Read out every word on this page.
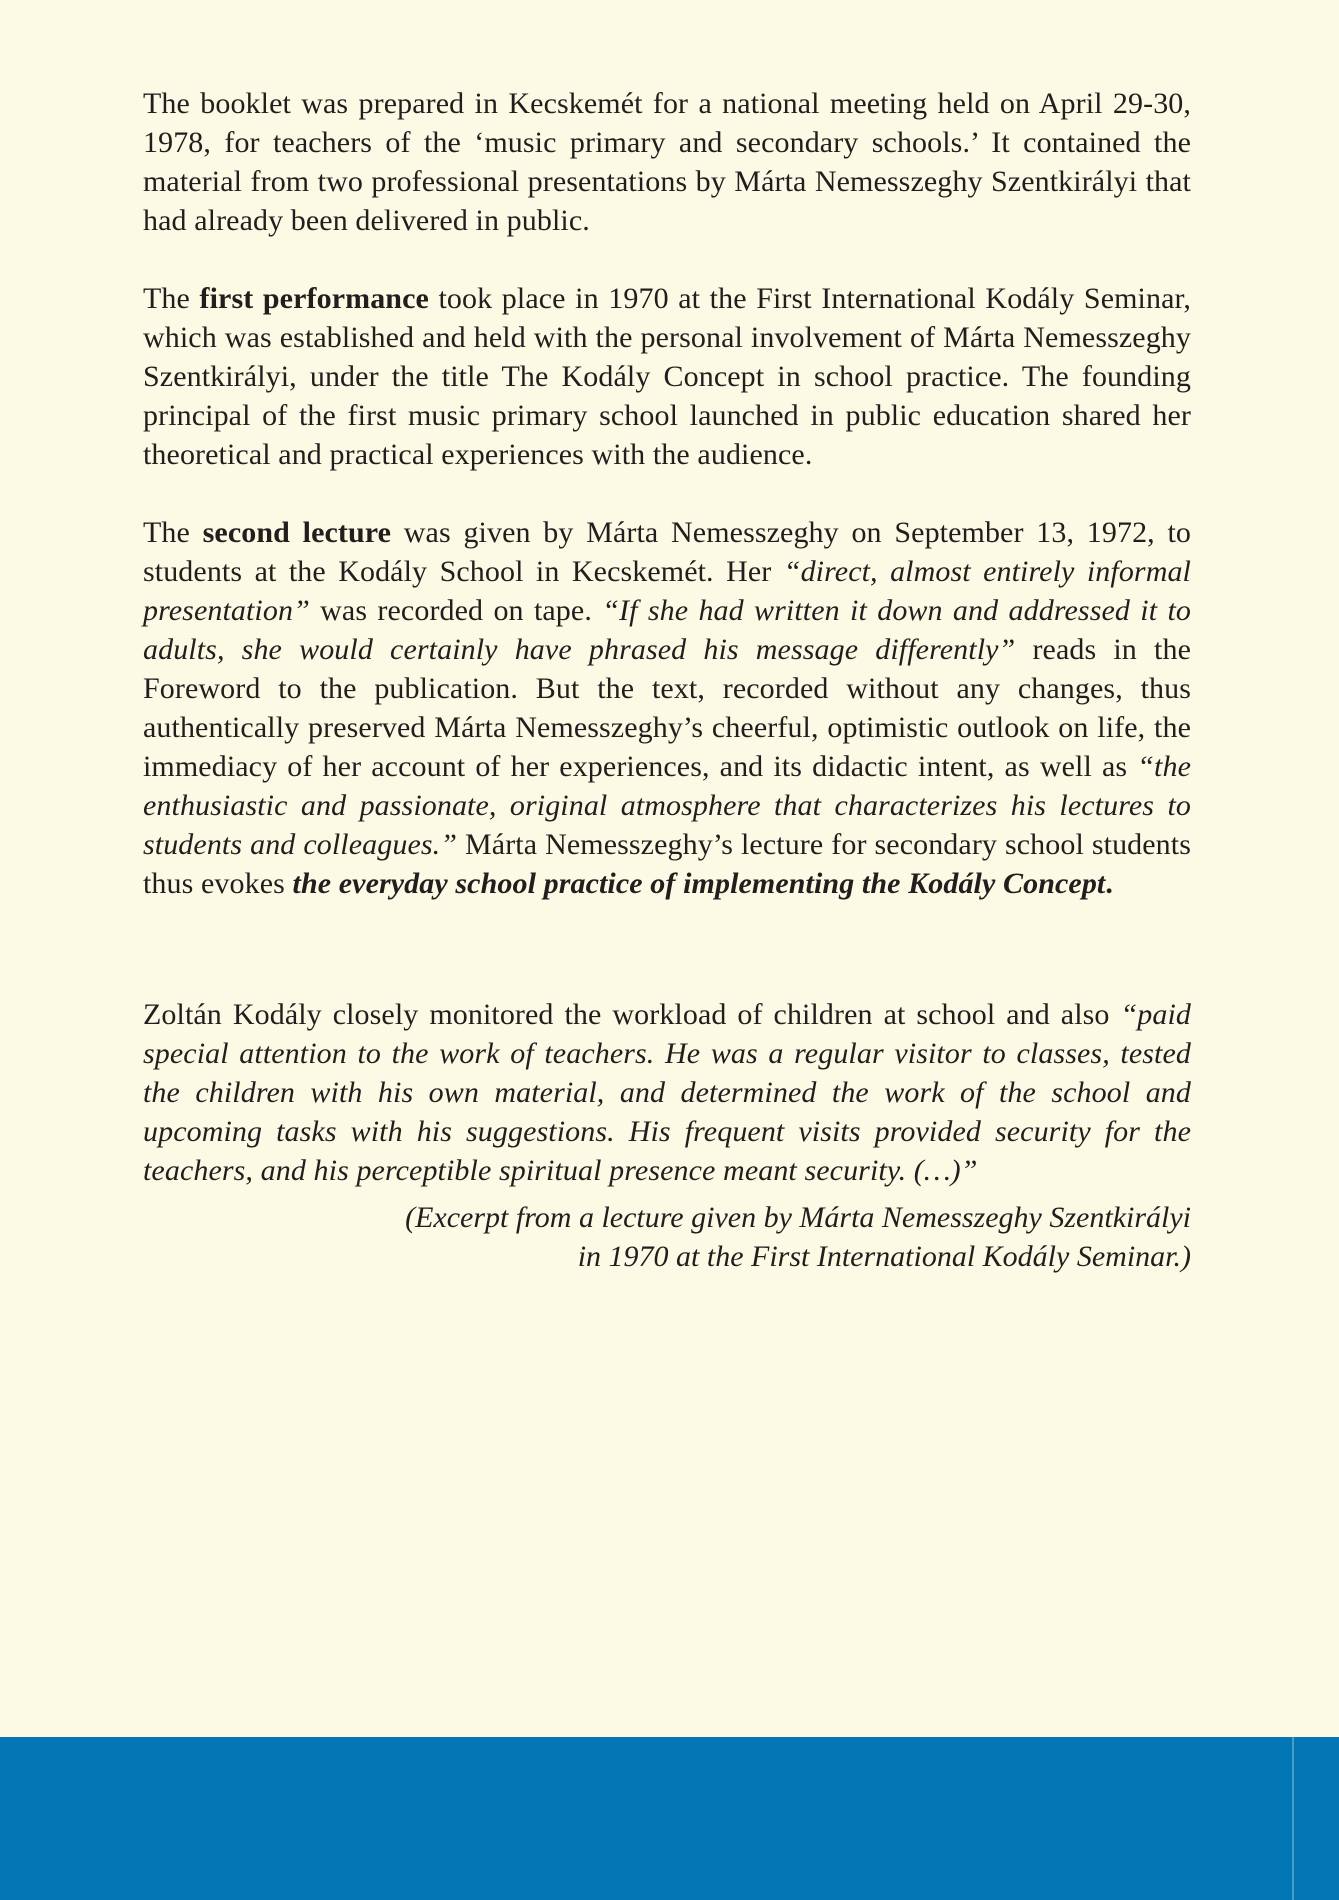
The booklet was prepared in Kecskemét for a national meeting held on April 29-30, 1978, for teachers of the ‘music primary and secondary schools.’ It contained the material from two professional presentations by Márta Nemesszeghy Szentkirályi that had already been delivered in public.

The first performance took place in 1970 at the First International Kodály Seminar, which was established and held with the personal involvement of Márta Nemesszeghy Szentkirályi, under the title The Kodály Concept in school practice. The founding principal of the first music primary school launched in public education shared her theoretical and practical experiences with the audience.

The second lecture was given by Márta Nemesszeghy on September 13, 1972, to students at the Kodály School in Kecskemét. Her “direct, almost entirely informal presentation” was recorded on tape. “If she had written it down and addressed it to adults, she would certainly have phrased his message differently” reads in the Foreword to the publication. But the text, recorded without any changes, thus authentically preserved Márta Nemesszeghy’s cheerful, optimistic outlook on life, the immediacy of her account of her experiences, and its didactic intent, as well as “the enthusiastic and passionate, original atmosphere that characterizes his lectures to students and colleagues.” Márta Nemesszeghy’s lecture for secondary school students thus evokes the everyday school practice of implementing the Kodály Concept.

Zoltán Kodály closely monitored the workload of children at school and also “paid special attention to the work of teachers. He was a regular visitor to classes, tested the children with his own material, and determined the work of the school and upcoming tasks with his suggestions. His frequent visits provided security for the teachers, and his perceptible spiritual presence meant security. (…)”

(Excerpt from a lecture given by Márta Nemesszeghy Szentkirályi
in 1970 at the First International Kodály Seminar.)
